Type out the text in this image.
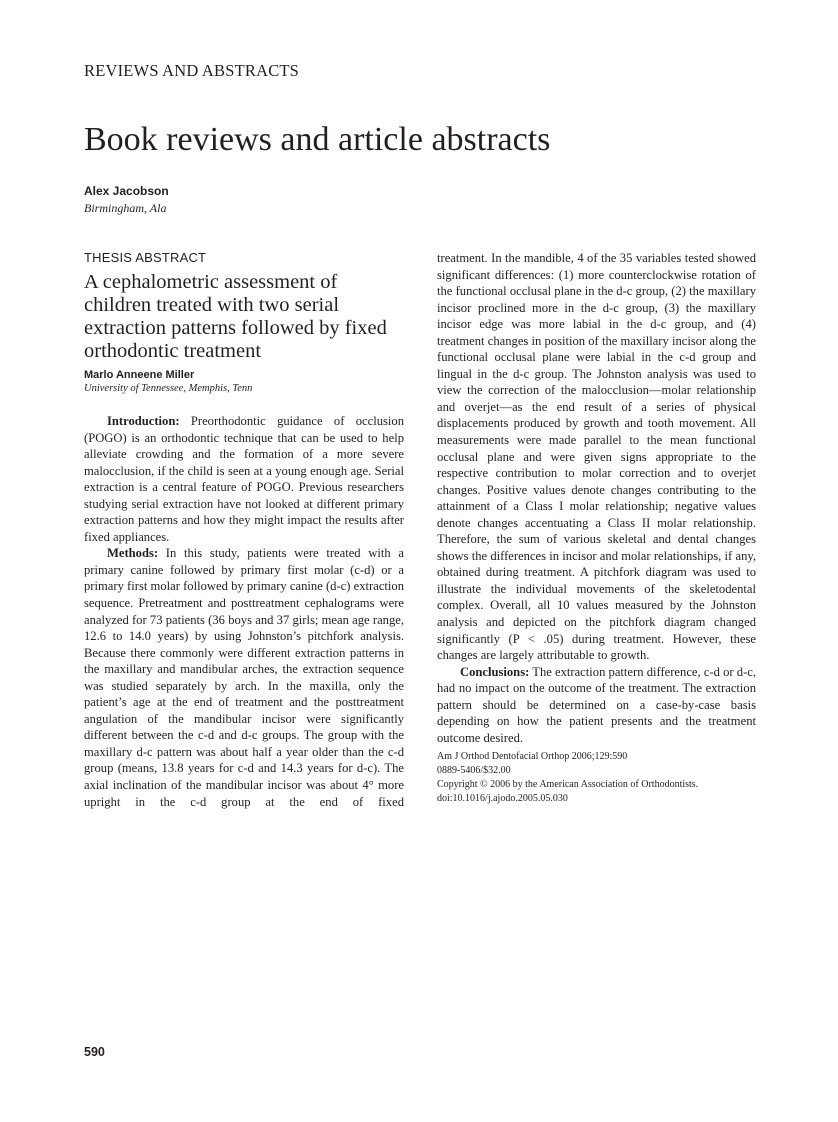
REVIEWS AND ABSTRACTS
Book reviews and article abstracts
Alex Jacobson
Birmingham, Ala
THESIS ABSTRACT
A cephalometric assessment of children treated with two serial extraction patterns followed by fixed orthodontic treatment
Marlo Anneene Miller
University of Tennessee, Memphis, Tenn

Introduction: Preorthodontic guidance of occlusion (POGO) is an orthodontic technique that can be used to help alleviate crowding and the formation of a more severe malocclusion, if the child is seen at a young enough age. Serial extraction is a central feature of POGO. Previous researchers studying serial extraction have not looked at different primary extraction patterns and how they might impact the results after fixed appliances.

Methods: In this study, patients were treated with a primary canine followed by primary first molar (c-d) or a primary first molar followed by primary canine (d-c) extraction sequence. Pretreatment and posttreatment cephalograms were analyzed for 73 patients (36 boys and 37 girls; mean age range, 12.6 to 14.0 years) by using Johnston’s pitchfork analysis. Because there commonly were different extraction patterns in the maxillary and mandibular arches, the extraction sequence was studied separately by arch. In the maxilla, only the patient’s age at the end of treatment and the posttreatment angulation of the mandibular incisor were significantly different between the c-d and d-c groups. The group with the maxillary d-c pattern was about half a year older than the c-d group (means, 13.8 years for c-d and 14.3 years for d-c). The axial inclination of the mandibular incisor was about 4° more upright in the c-d group at the end of fixed

treatment. In the mandible, 4 of the 35 variables tested showed significant differences: (1) more counterclockwise rotation of the functional occlusal plane in the d-c group, (2) the maxillary incisor proclined more in the d-c group, (3) the maxillary incisor edge was more labial in the d-c group, and (4) treatment changes in position of the maxillary incisor along the functional occlusal plane were labial in the c-d group and lingual in the d-c group. The Johnston analysis was used to view the correction of the malocclusion—molar relationship and overjet—as the end result of a series of physical displacements produced by growth and tooth movement. All measurements were made parallel to the mean functional occlusal plane and were given signs appropriate to the respective contribution to molar correction and to overjet changes. Positive values denote changes contributing to the attainment of a Class I molar relationship; negative values denote changes accentuating a Class II molar relationship. Therefore, the sum of various skeletal and dental changes shows the differences in incisor and molar relationships, if any, obtained during treatment. A pitchfork diagram was used to illustrate the individual movements of the skeletodental complex. Overall, all 10 values measured by the Johnston analysis and depicted on the pitchfork diagram changed significantly (P < .05) during treatment. However, these changes are largely attributable to growth.

Conclusions: The extraction pattern difference, c-d or d-c, had no impact on the outcome of the treatment. The extraction pattern should be determined on a case-by-case basis depending on how the patient presents and the treatment outcome desired.

Am J Orthod Dentofacial Orthop 2006;129:590
0889-5406/$32.00
Copyright © 2006 by the American Association of Orthodontists.
doi:10.1016/j.ajodo.2005.05.030
590
